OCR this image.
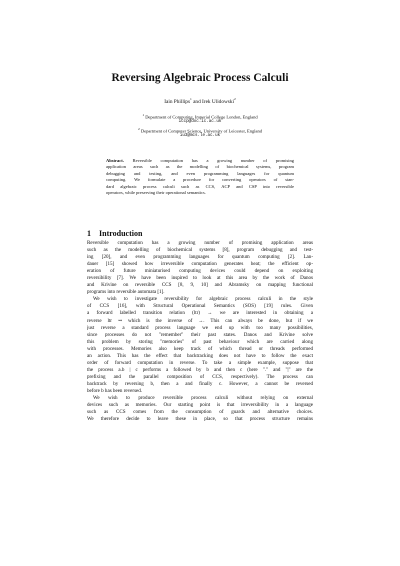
Reversing Algebraic Process Calculi
Iain Phillips$^1$ and Irek Ulidowski$^2$
$^1$ Department of Computing, Imperial College London, England
iccp@doc.ic.ac.uk
$^2$ Department of Computer Science, University of Leicester, England
iu3@mcs.le.ac.uk
Abstract. Reversible computation has a growing number of promising
application areas such as the modelling of biochemical systems, program
debugging and testing, and even programming languages for quantum
computing. We formulate a procedure for converting operators of stan-
dard algebraic process calculi such as CCS, ACP and CSP into reversible
operators, while preserving their operational semantics.
1 Introduction
Reversible computation has a growing number of promising application areas
such as the modelling of biochemical systems [8], program debugging and test-
ing [20], and even programming languages for quantum computing [2]. Lan-
dauer [15] showed how irreversible computation generates heat; the efficient op-
eration of future miniaturised computing devices could depend on exploiting
reversibility [7]. We have been inspired to look at this area by the work of Danos
and Krivine on reversible CCS [8, 9, 10] and Abramsky on mapping functional
programs into reversible automata [1].
We wish to investigate reversibility for algebraic process calculi in the style
of CCS [16], with Structural Operational Semantics (SOS) [19] rules. Given
a forward labelled transition relation (ltr) → we are interested in obtaining a
reverse ltr ⇝ which is the inverse of →. This can always be done, but if we
just reverse a standard process language we end up with too many possibilities,
since processes do not "remember" their past states. Danos and Krivine solve
this problem by storing "memories" of past behaviour which are carried along
with processes. Memories also keep track of which thread or threads performed
an action. This has the effect that backtracking does not have to follow the exact
order of forward computation in reverse. To take a simple example, suppose that
the process a.b | c performs a followed by b and then c (here "." and "|" are the
prefixing and the parallel composition of CCS, respectively). The process can
backtrack by reversing b, then a and finally c. However, a cannot be reversed
before b has been reversed.
We wish to produce reversible process calculi without relying on external
devices such as memories. Our starting point is that irreversibility in a language
such as CCS comes from the consumption of guards and alternative choices.
We therefore decide to leave these in place, so that process structure remains
